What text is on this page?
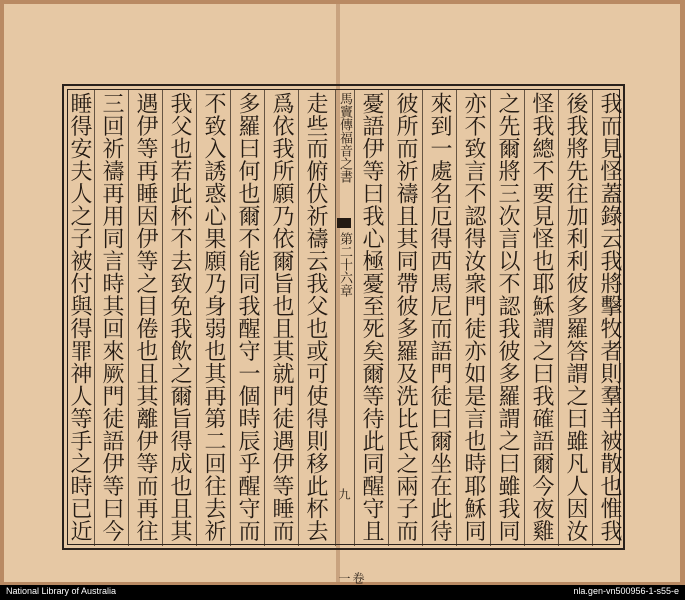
我而見怪蓋錄云我將擊牧者則羣羊被散也惟我
後我將先往加利利彼多羅答謂之曰雖凡人因汝
怪我總不要見怪也耶穌謂之曰我確語爾今夜雞
之先爾將三次言以不認我彼多羅謂之曰雖我同
亦不致言不認得汝衆門徒亦如是言也時耶穌同
來到一處名厄得西馬尼而語門徒曰爾坐在此待
彼所而祈禱且其同帶彼多羅及洗比氏之兩子而
憂語伊等曰我心極憂至死矣爾等待此同醒守且
馬竇傳福音之書
第二十六章
九
卷一
走些而俯伏祈禱云我父也或可使得則移此杯去
爲依我所願乃依爾旨也且其就門徒遇伊等睡而
多羅曰何也爾不能同我醒守一個時辰乎醒守而
不致入誘惑心果願乃身弱也其再第二回往去祈
我父也若此杯不去致免我飲之爾旨得成也且其
遇伊等再睡因伊等之目倦也且其離伊等而再往
三回祈禱再用同言時其回來厥門徒語伊等曰今
睡得安夫人之子被付與得罪神人等手之時已近
National Library of Australia	nla.gen-vn500956-1-s55-e
